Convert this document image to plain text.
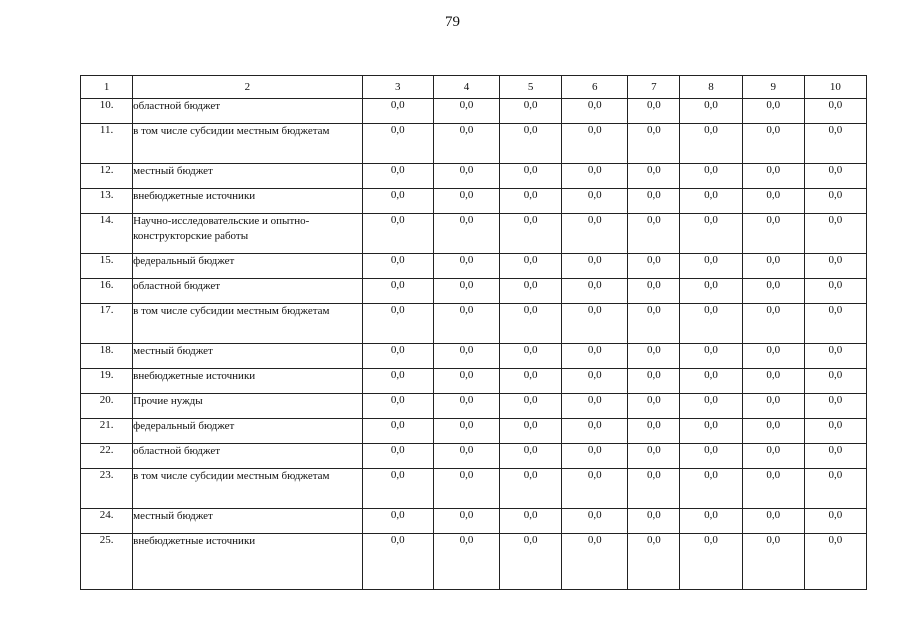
79
1	2	3	4	5	6	7	8	9	10
10.	областной бюджет	0,0	0,0	0,0	0,0	0,0	0,0	0,0	0,0
11.	в том числе субсидии местным бюджетам	0,0	0,0	0,0	0,0	0,0	0,0	0,0	0,0
12.	местный бюджет	0,0	0,0	0,0	0,0	0,0	0,0	0,0	0,0
13.	внебюджетные источники	0,0	0,0	0,0	0,0	0,0	0,0	0,0	0,0
14.	Научно-исследовательские и опытно-конструкторские работы	0,0	0,0	0,0	0,0	0,0	0,0	0,0	0,0
15.	федеральный бюджет	0,0	0,0	0,0	0,0	0,0	0,0	0,0	0,0
16.	областной бюджет	0,0	0,0	0,0	0,0	0,0	0,0	0,0	0,0
17.	в том числе субсидии местным бюджетам	0,0	0,0	0,0	0,0	0,0	0,0	0,0	0,0
18.	местный бюджет	0,0	0,0	0,0	0,0	0,0	0,0	0,0	0,0
19.	внебюджетные источники	0,0	0,0	0,0	0,0	0,0	0,0	0,0	0,0
20.	Прочие нужды	0,0	0,0	0,0	0,0	0,0	0,0	0,0	0,0
21.	федеральный бюджет	0,0	0,0	0,0	0,0	0,0	0,0	0,0	0,0
22.	областной бюджет	0,0	0,0	0,0	0,0	0,0	0,0	0,0	0,0
23.	в том числе субсидии местным бюджетам	0,0	0,0	0,0	0,0	0,0	0,0	0,0	0,0
24.	местный бюджет	0,0	0,0	0,0	0,0	0,0	0,0	0,0	0,0
25.	внебюджетные источники	0,0	0,0	0,0	0,0	0,0	0,0	0,0	0,0
